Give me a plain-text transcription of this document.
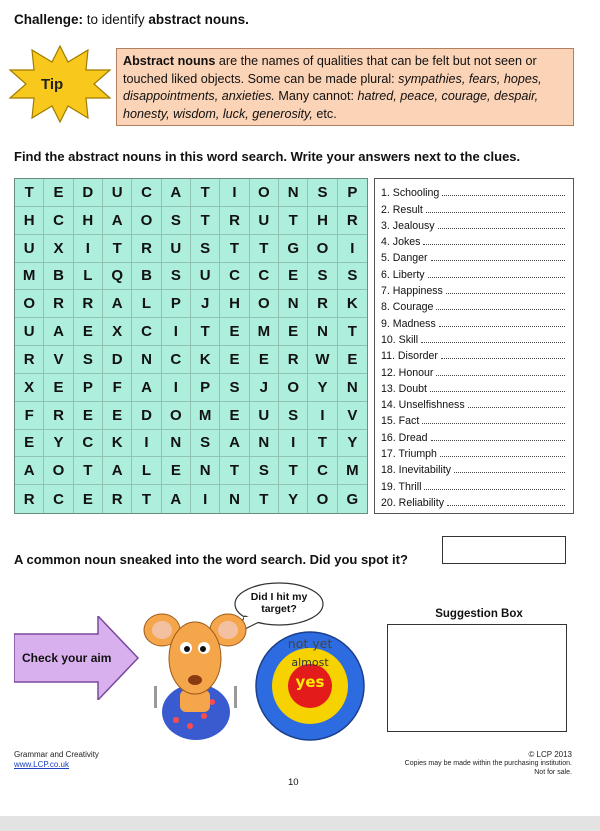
Challenge: to identify abstract nouns.
Tip
Abstract nouns are the names of qualities that can be felt but not seen or touched liked objects. Some can be made plural: sympathies, fears, hopes, disappointments, anxieties. Many cannot: hatred, peace, courage, despair, honesty, wisdom, luck, generosity, etc.
Find the abstract nouns in this word search. Write your answers next to the clues.
T	E	D	U	C	A	T	I	O	N	S	P
H	C	H	A	O	S	T	R	U	T	H	R
U	X	I	T	R	U	S	T	T	G	O	I
M	B	L	Q	B	S	U	C	C	E	S	S
O	R	R	A	L	P	J	H	O	N	R	K
U	A	E	X	C	I	T	E	M	E	N	T
R	V	S	D	N	C	K	E	E	R	W	E
X	E	P	F	A	I	P	S	J	O	Y	N
F	R	E	E	D	O	M	E	U	S	I	V
E	Y	C	K	I	N	S	A	N	I	T	Y
A	O	T	A	L	E	N	T	S	T	C	M
R	C	E	R	T	A	I	N	T	Y	O	G
1. Schooling
2. Result
3. Jealousy
4. Jokes
5. Danger
6. Liberty
7. Happiness
8. Courage
9. Madness
10. Skill
11. Disorder
12. Honour
13. Doubt
14. Unselfishness
15. Fact
16. Dread
17. Triumph
18. Inevitability
19. Thrill
20. Reliability
A common noun sneaked into the word search. Did you spot it?
Check your aim
Did I hit my target?
not yet
almost
yes
Suggestion Box
Grammar and Creativity
www.LCP.co.uk
© LCP 2013
Copies may be made within the purchasing institution.
Not for sale.
10
